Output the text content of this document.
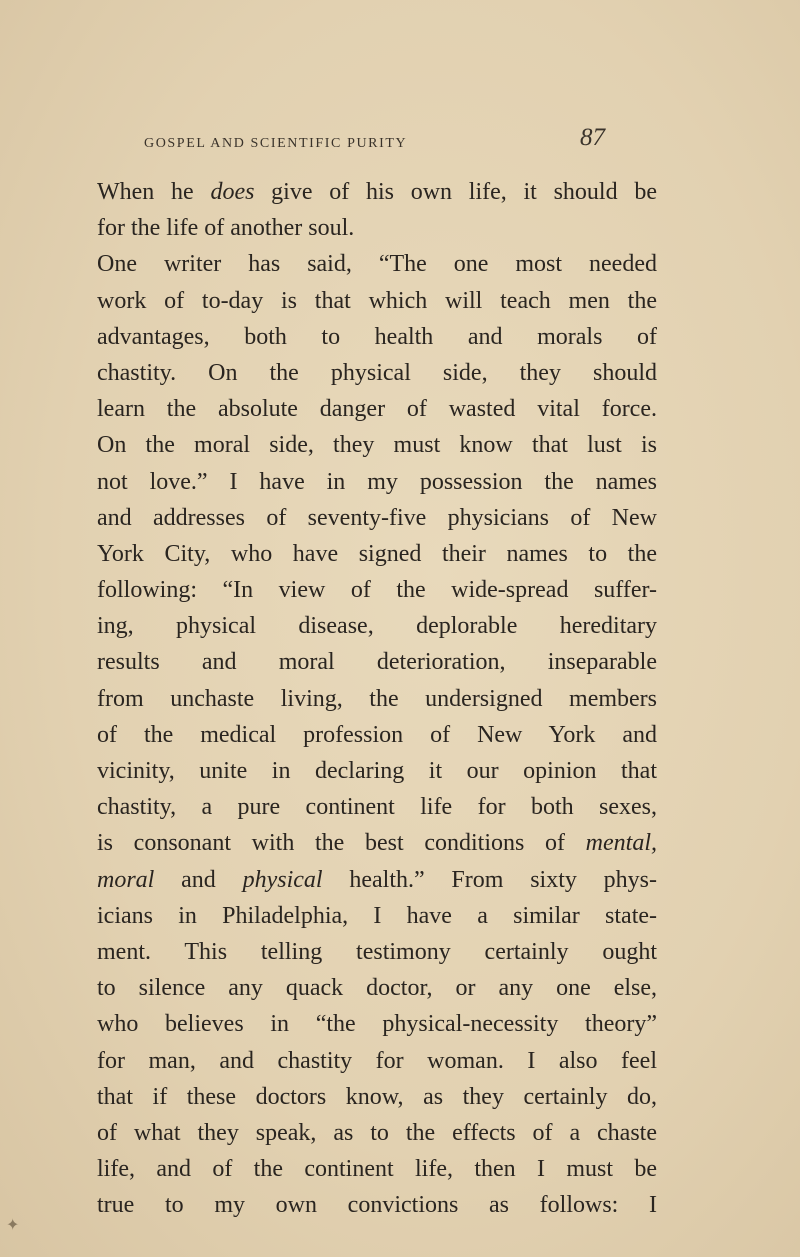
GOSPEL AND SCIENTIFIC PURITY	87
When he does give of his own life, it should be
for the life of another soul.
One writer has said, “The one most needed
work of to-day is that which will teach men the
advantages, both to health and morals of
chastity. On the physical side, they should
learn the absolute danger of wasted vital force.
On the moral side, they must know that lust is
not love.” I have in my possession the names
and addresses of seventy-five physicians of New
York City, who have signed their names to the
following: “In view of the wide-spread suffer-
ing, physical disease, deplorable hereditary
results and moral deterioration, inseparable
from unchaste living, the undersigned members
of the medical profession of New York and
vicinity, unite in declaring it our opinion that
chastity, a pure continent life for both sexes,
is consonant with the best conditions of mental,
moral and physical health.” From sixty phys-
icians in Philadelphia, I have a similar state-
ment. This telling testimony certainly ought
to silence any quack doctor, or any one else,
who believes in “the physical-necessity theory”
for man, and chastity for woman. I also feel
that if these doctors know, as they certainly do,
of what they speak, as to the effects of a chaste
life, and of the continent life, then I must be
true to my own convictions as follows: I
✦
